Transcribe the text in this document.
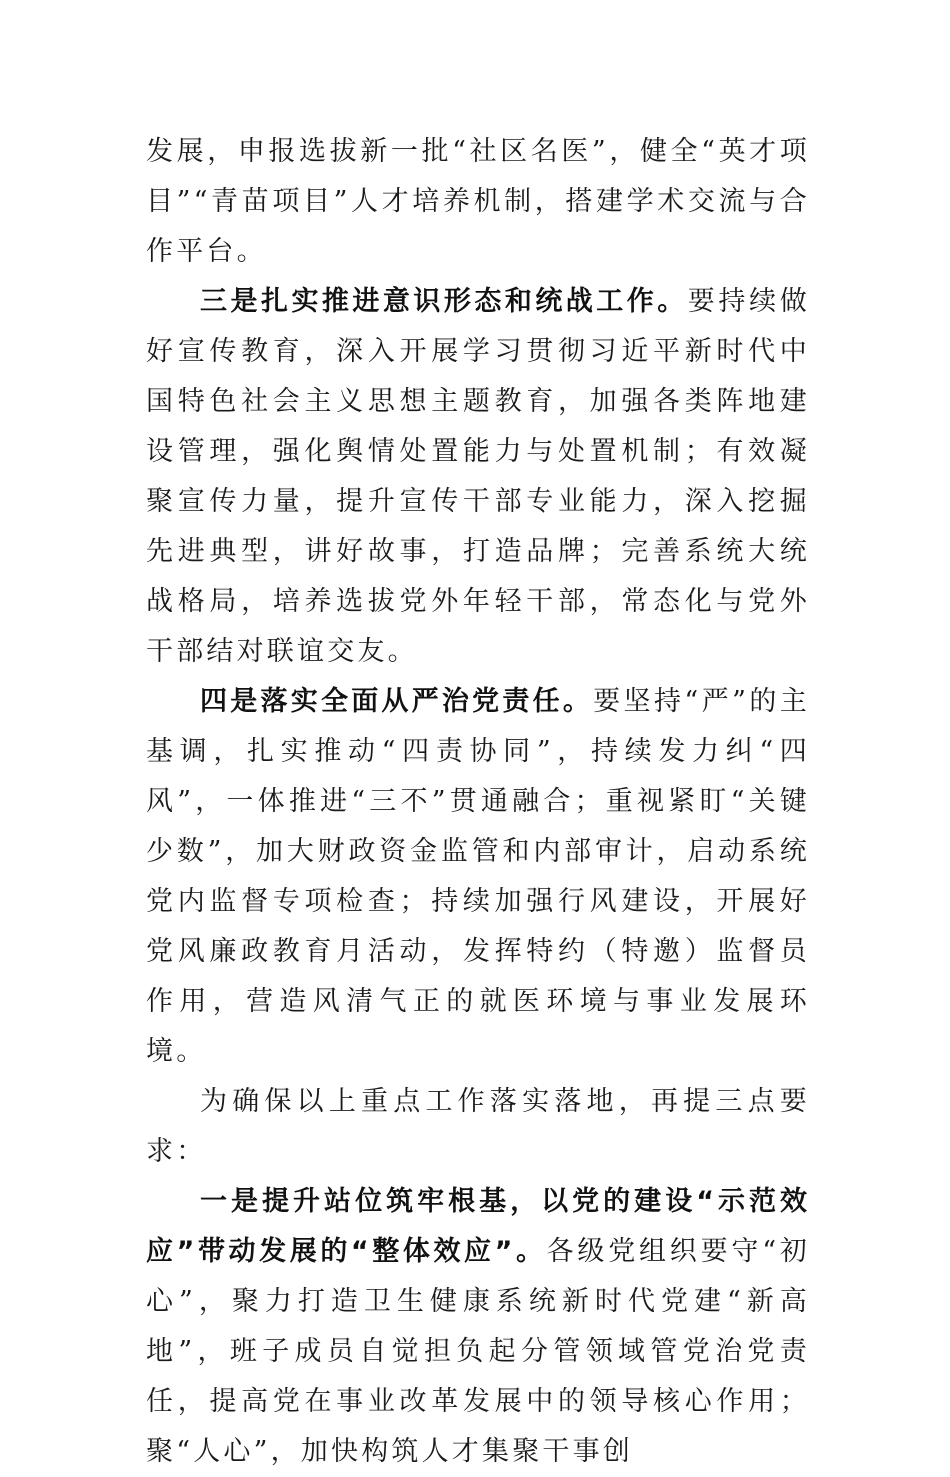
发展，申报选拔新一批“社区名医”，健全“英才项目”“青苗项目”人才培养机制，搭建学术交流与合作平台。

三是扎实推进意识形态和统战工作。要持续做好宣传教育，深入开展学习贯彻习近平新时代中国特色社会主义思想主题教育，加强各类阵地建设管理，强化舆情处置能力与处置机制；有效凝聚宣传力量，提升宣传干部专业能力，深入挖掘先进典型，讲好故事，打造品牌；完善系统大统战格局，培养选拔党外年轻干部，常态化与党外干部结对联谊交友。

四是落实全面从严治党责任。要坚持“严”的主基调，扎实推动“四责协同”，持续发力纠“四风”，一体推进“三不”贯通融合；重视紧盯“关键少数”，加大财政资金监管和内部审计，启动系统党内监督专项检查；持续加强行风建设，开展好党风廉政教育月活动，发挥特约（特邀）监督员作用，营造风清气正的就医环境与事业发展环境。

为确保以上重点工作落实落地，再提三点要求：

一是提升站位筑牢根基，以党的建设“示范效应”带动发展的“整体效应”。各级党组织要守“初心”，聚力打造卫生健康系统新时代党建“新高地”，班子成员自觉担负起分管领域管党治党责任，提高党在事业改革发展中的领导核心作用；聚“人心”，加快构筑人才集聚干事创
